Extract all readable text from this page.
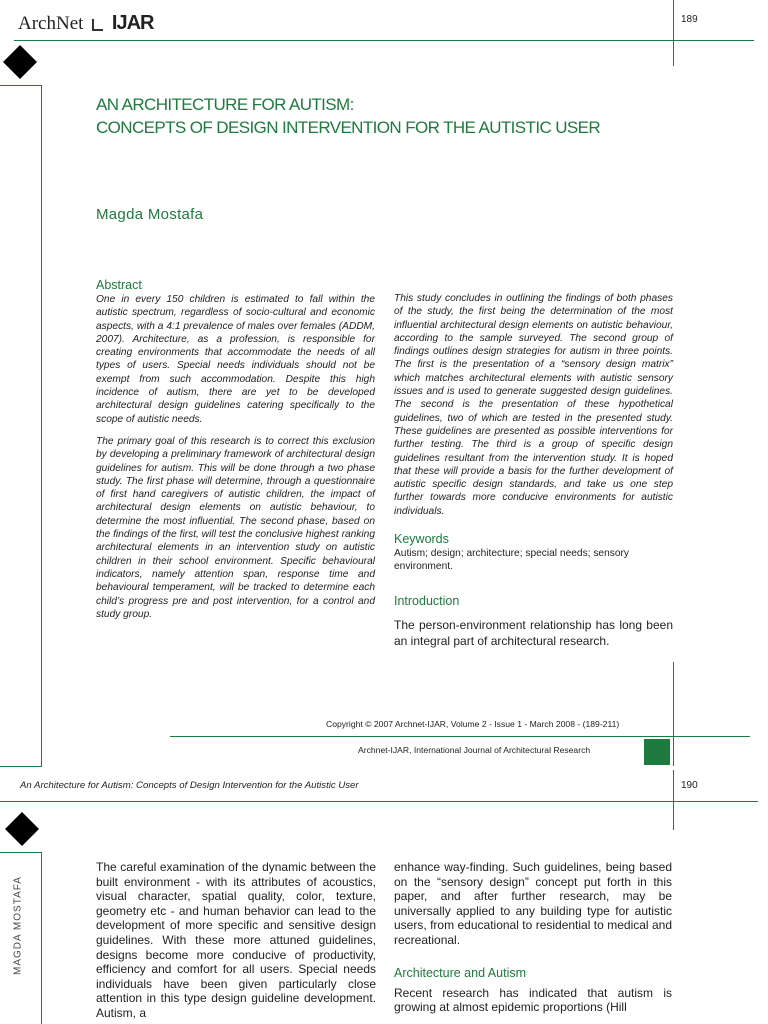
ArchNet IJAR	189
AN ARCHITECTURE FOR AUTISM:
CONCEPTS OF DESIGN INTERVENTION FOR THE AUTISTIC USER
Magda Mostafa
Abstract

One in every 150 children is estimated to fall within the autistic spectrum, regardless of socio-cultural and economic aspects, with a 4:1 prevalence of males over females (ADDM, 2007). Architecture, as a profession, is responsible for creating environments that accommodate the needs of all types of users. Special needs individuals should not be exempt from such accommodation. Despite this high incidence of autism, there are yet to be developed architectural design guidelines catering specifically to the scope of autistic needs.

The primary goal of this research is to correct this exclusion by developing a preliminary framework of architectural design guidelines for autism. This will be done through a two phase study. The first phase will determine, through a questionnaire of first hand caregivers of autistic children, the impact of architectural design elements on autistic behaviour, to determine the most influential. The second phase, based on the findings of the first, will test the conclusive highest ranking architectural elements in an intervention study on autistic children in their school environment. Specific behavioural indicators, namely attention span, response time and behavioural temperament, will be tracked to determine each child’s progress pre and post intervention, for a control and study group.

This study concludes in outlining the findings of both phases of the study, the first being the determination of the most influential architectural design elements on autistic behaviour, according to the sample surveyed. The second group of findings outlines design strategies for autism in three points. The first is the presentation of a “sensory design matrix” which matches architectural elements with autistic sensory issues and is used to generate suggested design guidelines. The second is the presentation of these hypothetical guidelines, two of which are tested in the presented study. These guidelines are presented as possible interventions for further testing. The third is a group of specific design guidelines resultant from the intervention study. It is hoped that these will provide a basis for the further development of autistic specific design standards, and take us one step further towards more conducive environments for autistic individuals.

Keywords
Autism; design; architecture; special needs; sensory environment.
Introduction
The person-environment relationship has long been an integral part of architectural research.
Copyright © 2007 Archnet-IJAR, Volume 2 - Issue 1 - March 2008 - (189-211)
Archnet-IJAR, International Journal of Architectural Research
An Architecture for Autism: Concepts of Design Intervention for the Autistic User	190
MAGDA MOSTAFA

The careful examination of the dynamic between the built environment - with its attributes of acoustics, visual character, spatial quality, color, texture, geometry etc - and human behavior can lead to the development of more specific and sensitive design guidelines. With these more attuned guidelines, designs become more conducive of productivity, efficiency and comfort for all users. Special needs individuals have been given particularly close attention in this type design guideline development. Autism, a

enhance way-finding. Such guidelines, being based on the “sensory design” concept put forth in this paper, and after further research, may be universally applied to any building type for autistic users, from educational to residential to medical and recreational.

Architecture and Autism

Recent research has indicated that autism is growing at almost epidemic proportions (Hill
